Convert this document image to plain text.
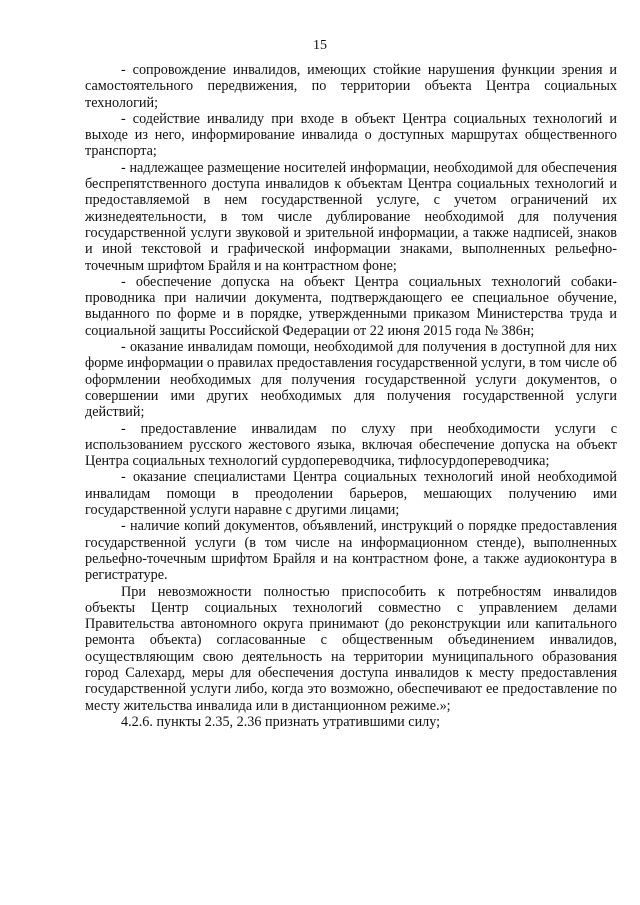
15

- сопровождение инвалидов, имеющих стойкие нарушения функции зрения и самостоятельного передвижения, по территории объекта Центра социальных технологий;

- содействие инвалиду при входе в объект Центра социальных технологий и выходе из него, информирование инвалида о доступных маршрутах общественного транспорта;

- надлежащее размещение носителей информации, необходимой для обеспечения беспрепятственного доступа инвалидов к объектам Центра социальных технологий и предоставляемой в нем государственной услуге, с учетом ограничений их жизнедеятельности, в том числе дублирование необходимой для получения государственной услуги звуковой и зрительной информации, а также надписей, знаков и иной текстовой и графической информации знаками, выполненных рельефно-точечным шрифтом Брайля и на контрастном фоне;

- обеспечение допуска на объект Центра социальных технологий собаки-проводника при наличии документа, подтверждающего ее специальное обучение, выданного по форме и в порядке, утвержденными приказом Министерства труда и социальной защиты Российской Федерации от 22 июня 2015 года № 386н;

- оказание инвалидам помощи, необходимой для получения в доступной для них форме информации о правилах предоставления государственной услуги, в том числе об оформлении необходимых для получения государственной услуги документов, о совершении ими других необходимых для получения государственной услуги действий;

- предоставление инвалидам по слуху при необходимости услуги с использованием русского жестового языка, включая обеспечение допуска на объект Центра социальных технологий сурдопереводчика, тифлосурдопереводчика;

- оказание специалистами Центра социальных технологий иной необходимой инвалидам помощи в преодолении барьеров, мешающих получению ими государственной услуги наравне с другими лицами;

- наличие копий документов, объявлений, инструкций о порядке предоставления государственной услуги (в том числе на информационном стенде), выполненных рельефно-точечным шрифтом Брайля и на контрастном фоне, а также аудиоконтура в регистратуре.

При невозможности полностью приспособить к потребностям инвалидов объекты Центр социальных технологий совместно с управлением делами Правительства автономного округа принимают (до реконструкции или капитального ремонта объекта) согласованные с общественным объединением инвалидов, осуществляющим свою деятельность на территории муниципального образования город Салехард, меры для обеспечения доступа инвалидов к месту предоставления государственной услуги либо, когда это возможно, обеспечивают ее предоставление по месту жительства инвалида или в дистанционном режиме.»;

4.2.6. пункты 2.35, 2.36 признать утратившими силу;
